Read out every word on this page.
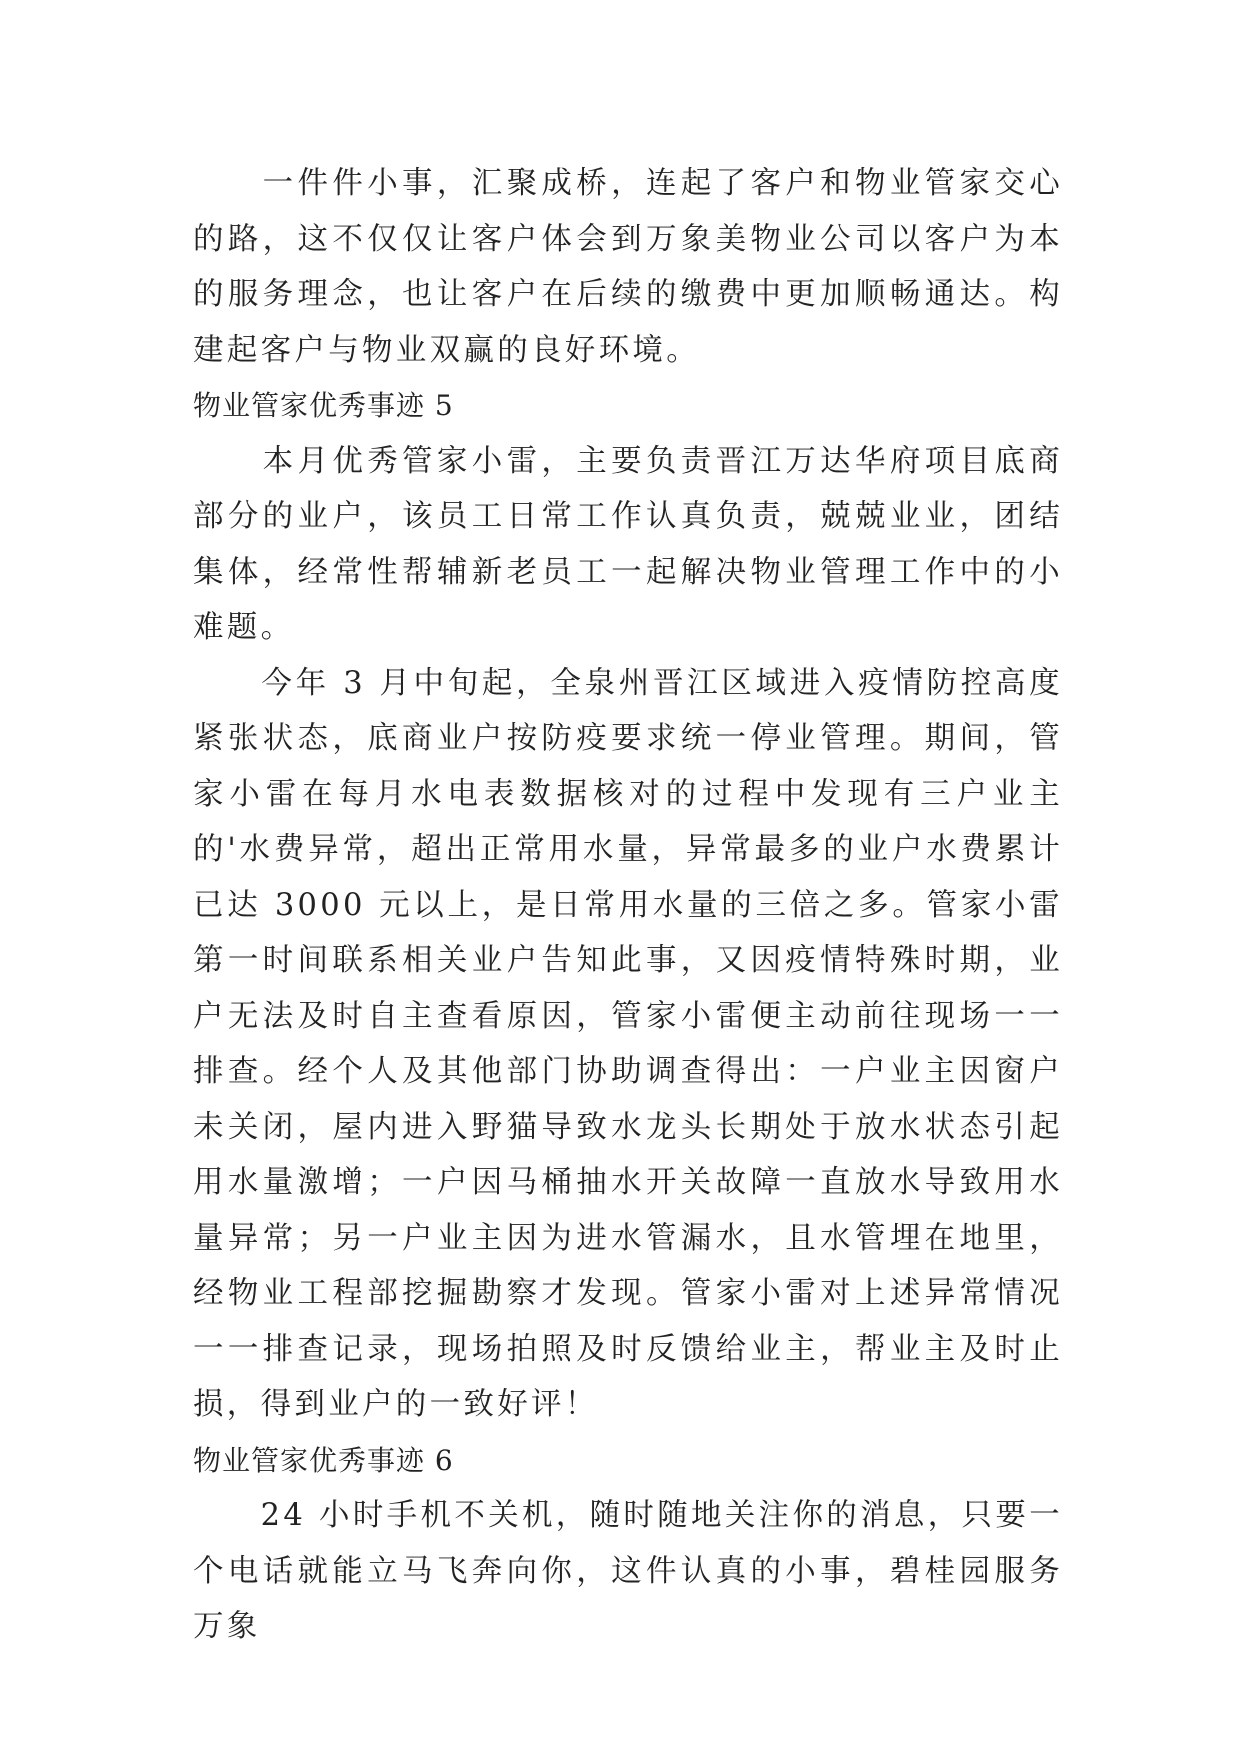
　　一件件小事，汇聚成桥，连起了客户和物业管家交心的路，这不仅仅让客户体会到万象美物业公司以客户为本的服务理念，也让客户在后续的缴费中更加顺畅通达。构建起客户与物业双赢的良好环境。

物业管家优秀事迹 5

　　本月优秀管家小雷，主要负责晋江万达华府项目底商部分的业户，该员工日常工作认真负责，兢兢业业，团结集体，经常性帮辅新老员工一起解决物业管理工作中的小难题。

　　今年 3 月中旬起，全泉州晋江区域进入疫情防控高度紧张状态，底商业户按防疫要求统一停业管理。期间，管家小雷在每月水电表数据核对的过程中发现有三户业主的'水费异常，超出正常用水量，异常最多的业户水费累计已达 3000 元以上，是日常用水量的三倍之多。管家小雷第一时间联系相关业户告知此事，又因疫情特殊时期，业户无法及时自主查看原因，管家小雷便主动前往现场一一排查。经个人及其他部门协助调查得出：一户业主因窗户未关闭，屋内进入野猫导致水龙头长期处于放水状态引起用水量激增；一户因马桶抽水开关故障一直放水导致用水量异常；另一户业主因为进水管漏水，且水管埋在地里，经物业工程部挖掘勘察才发现。管家小雷对上述异常情况一一排查记录，现场拍照及时反馈给业主，帮业主及时止损，得到业户的一致好评！

物业管家优秀事迹 6

　　24 小时手机不关机，随时随地关注你的消息，只要一个电话就能立马飞奔向你，这件认真的小事，碧桂园服务万象
